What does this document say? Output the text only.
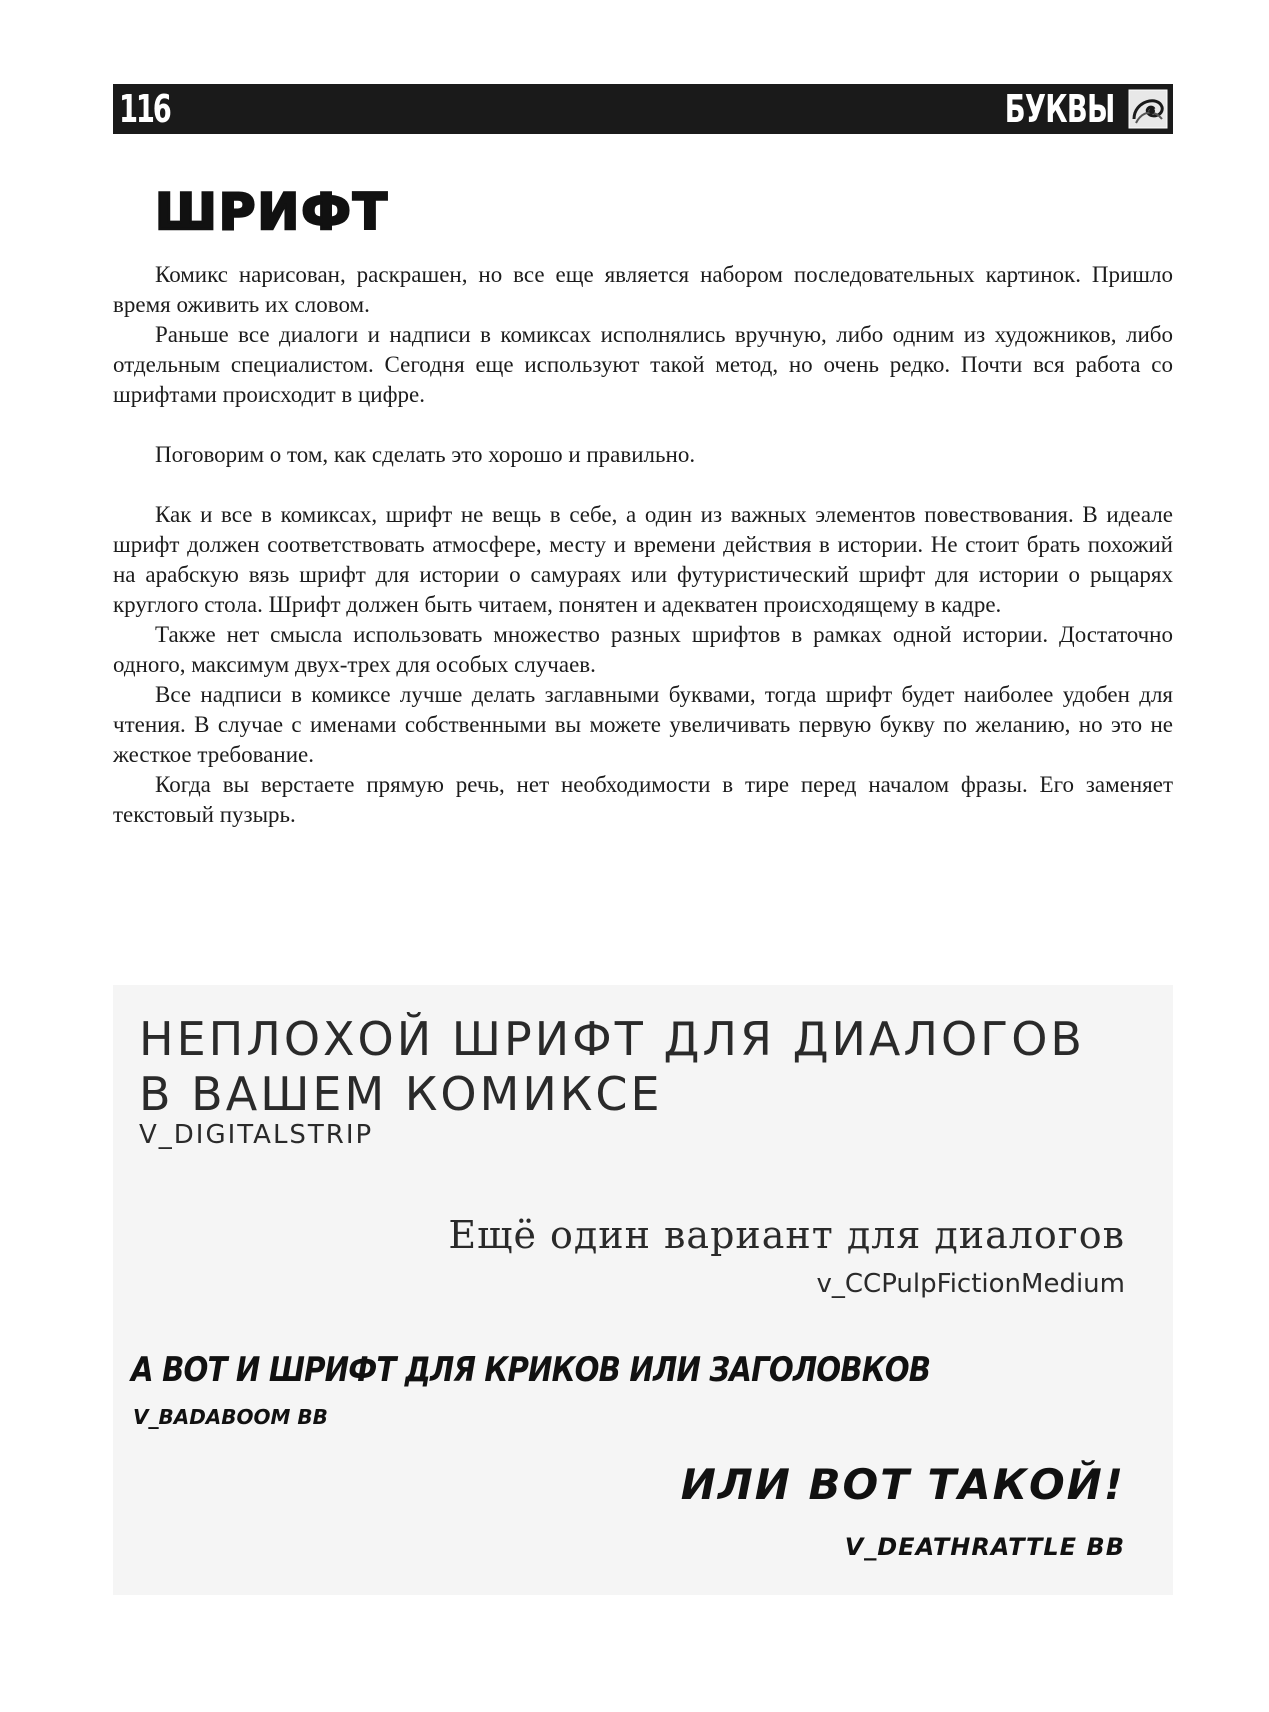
116	БУКВЫ
ШРИФТ

Комикс нарисован, раскрашен, но все еще является набором последовательных картинок. Пришло время оживить их словом.

Раньше все диалоги и надписи в комиксах исполнялись вручную, либо одним из художников, либо отдельным специалистом. Сегодня еще используют такой метод, но очень редко. Почти вся работа со шрифтами происходит в цифре.

Поговорим о том, как сделать это хорошо и правильно.

Как и все в комиксах, шрифт не вещь в себе, а один из важных элементов повествования. В идеале шрифт должен соответствовать атмосфере, месту и времени действия в истории. Не стоит брать похожий на арабскую вязь шрифт для истории о самураях или футуристический шрифт для истории о рыцарях круглого стола. Шрифт должен быть читаем, понятен и адекватен происходящему в кадре.

Также нет смысла использовать множество разных шрифтов в рамках одной истории. Достаточно одного, максимум двух-трех для особых случаев.

Все надписи в комиксе лучше делать заглавными буквами, тогда шрифт будет наиболее удобен для чтения. В случае с именами собственными вы можете увеличивать первую букву по желанию, но это не жесткое требование.

Когда вы верстаете прямую речь, нет необходимости в тире перед началом фразы. Его заменяет текстовый пузырь.

НЕПЛОХОЙ ШРИФТ ДЛЯ ДИАЛОГОВ
В ВАШЕМ КОМИКСЕ
V_DIGITALSTRIP
Ещё один вариант для диалогов
v_CCPulpFictionMedium
А ВОТ И ШРИФТ ДЛЯ КРИКОВ ИЛИ ЗАГОЛОВКОВ
V_BADABOOM BB
ИЛИ ВОТ ТАКОЙ!
V_DEATHRATTLE BB
